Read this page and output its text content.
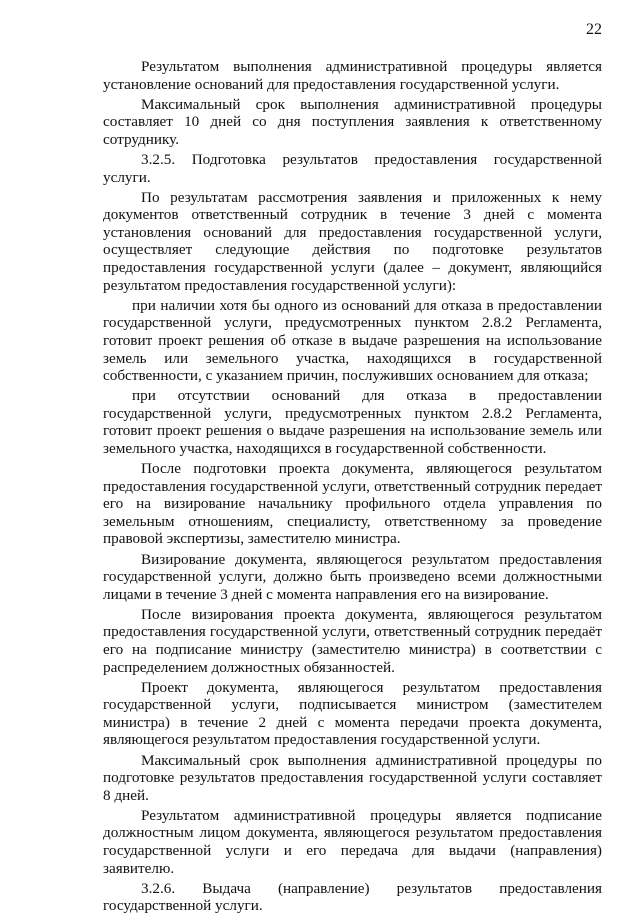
22

Результатом выполнения административной процедуры является установление оснований для предоставления государственной услуги.

Максимальный срок выполнения административной процедуры составляет 10 дней со дня поступления заявления к ответственному сотруднику.

3.2.5. Подготовка результатов предоставления государственной услуги.

По результатам рассмотрения заявления и приложенных к нему документов ответственный сотрудник в течение 3 дней с момента установления оснований для предоставления государственной услуги, осуществляет следующие действия по подготовке результатов предоставления государственной услуги (далее – документ, являющийся результатом предоставления государственной услуги):

при наличии хотя бы одного из оснований для отказа в предоставлении государственной услуги, предусмотренных пунктом 2.8.2 Регламента, готовит проект решения об отказе в выдаче разрешения на использование земель или земельного участка, находящихся в государственной собственности, с указанием причин, послуживших основанием для отказа;

при отсутствии оснований для отказа в предоставлении государственной услуги, предусмотренных пунктом 2.8.2 Регламента, готовит проект решения о выдаче разрешения на использование земель или земельного участка, находящихся в государственной собственности.

После подготовки проекта документа, являющегося результатом предоставления государственной услуги, ответственный сотрудник передает его на визирование начальнику профильного отдела управления по земельным отношениям, специалисту, ответственному за проведение правовой экспертизы, заместителю министра.

Визирование документа, являющегося результатом предоставления государственной услуги, должно быть произведено всеми должностными лицами в течение 3 дней с момента направления его на визирование.

После визирования проекта документа, являющегося результатом предоставления государственной услуги, ответственный сотрудник передаёт его на подписание министру (заместителю министра) в соответствии с распределением должностных обязанностей.

Проект документа, являющегося результатом предоставления государственной услуги, подписывается министром (заместителем министра) в течение 2 дней с момента передачи проекта документа, являющегося результатом предоставления государственной услуги.

Максимальный срок выполнения административной процедуры по подготовке результатов предоставления государственной услуги составляет 8 дней.

Результатом административной процедуры является подписание должностным лицом документа, являющегося результатом предоставления государственной услуги и его передача для выдачи (направления) заявителю.

3.2.6. Выдача (направление) результатов предоставления государственной услуги.
